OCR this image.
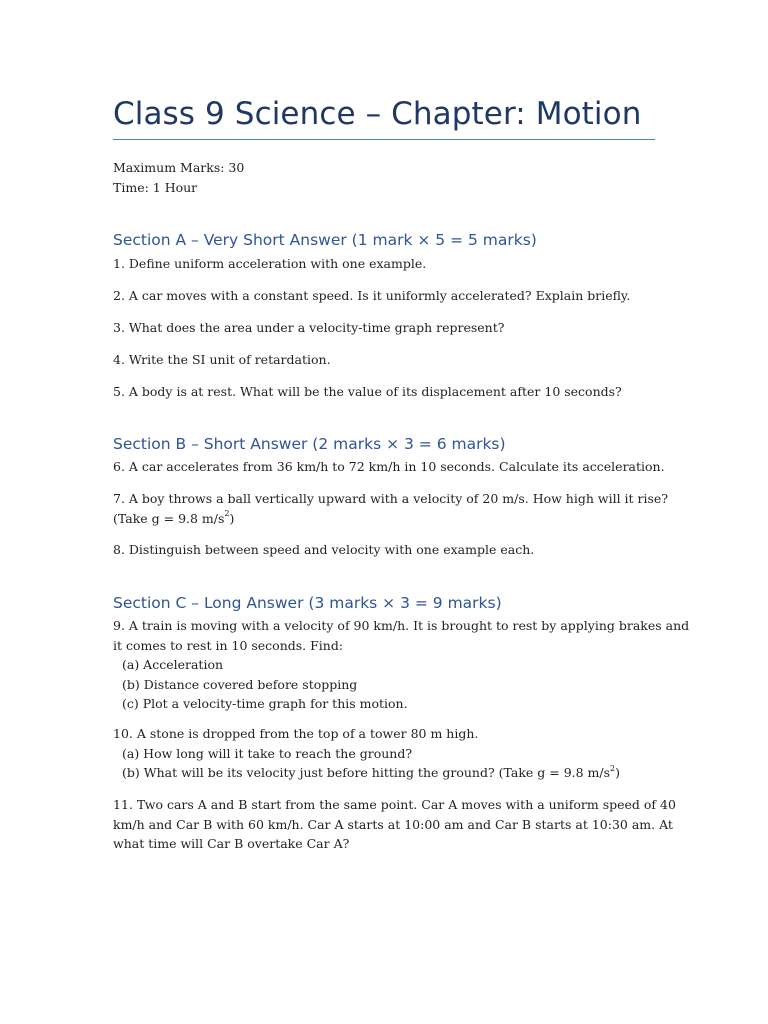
Class 9 Science – Chapter: Motion
Maximum Marks: 30
Time: 1 Hour
Section A – Very Short Answer (1 mark × 5 = 5 marks)

1. Define uniform acceleration with one example.

2. A car moves with a constant speed. Is it uniformly accelerated? Explain briefly.

3. What does the area under a velocity-time graph represent?

4. Write the SI unit of retardation.

5. A body is at rest. What will be the value of its displacement after 10 seconds?

Section B – Short Answer (2 marks × 3 = 6 marks)

6. A car accelerates from 36 km/h to 72 km/h in 10 seconds. Calculate its acceleration.

7. A boy throws a ball vertically upward with a velocity of 20 m/s. How high will it rise?
(Take g = 9.8 $m/s^2$)

8. Distinguish between speed and velocity with one example each.

Section C – Long Answer (3 marks × 3 = 9 marks)

9. A train is moving with a velocity of 90 km/h. It is brought to rest by applying brakes and
it comes to rest in 10 seconds. Find:
(a) Acceleration
(b) Distance covered before stopping
(c) Plot a velocity-time graph for this motion.

10. A stone is dropped from the top of a tower 80 m high.
(a) How long will it take to reach the ground?
(b) What will be its velocity just before hitting the ground? (Take g = 9.8 $m/s^2$)

11. Two cars A and B start from the same point. Car A moves with a uniform speed of 40
km/h and Car B with 60 km/h. Car A starts at 10:00 am and Car B starts at 10:30 am. At
what time will Car B overtake Car A?
